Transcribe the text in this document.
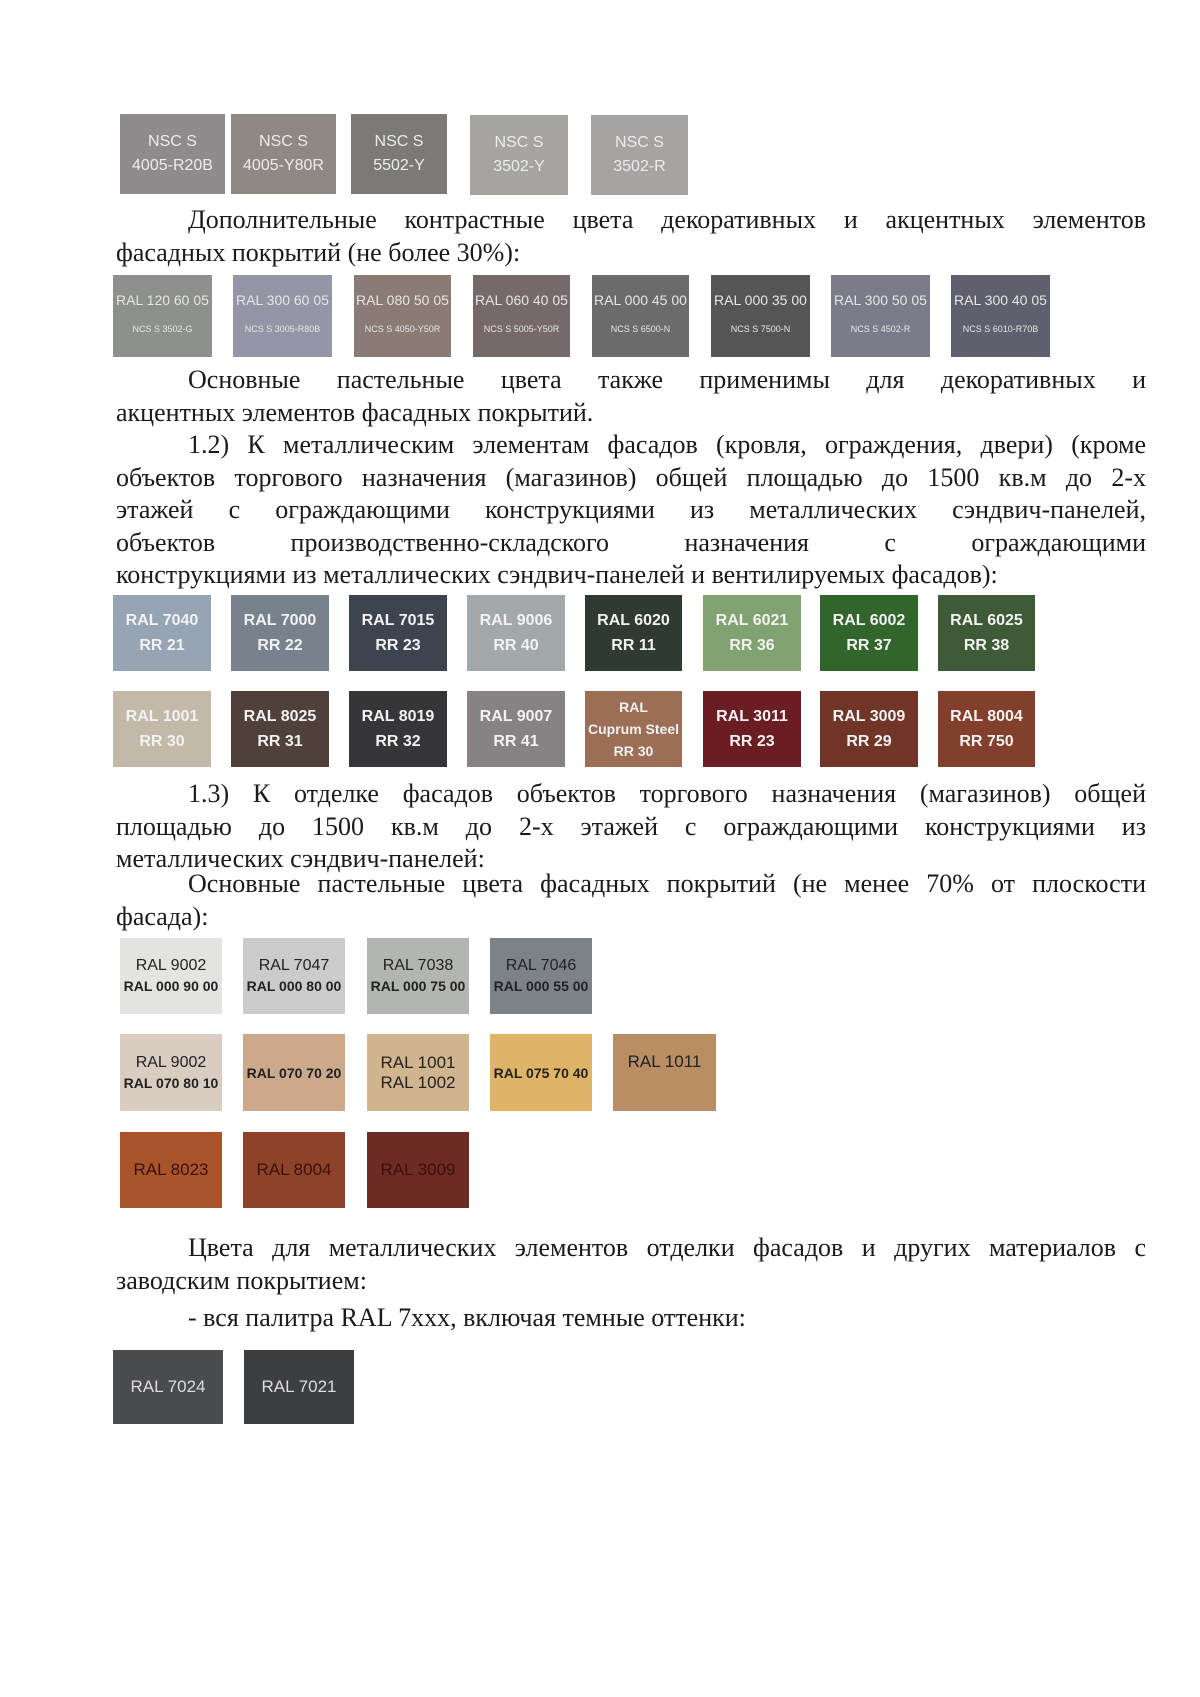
NSC S
4005-R20B
NSC S
4005-Y80R
NSC S
5502-Y
NSC S
3502-Y
NSC S
3502-R

Дополнительные контрастные цвета декоративных и акцентных элементов
фасадных покрытий (не более 30%):

RAL 120 60 05
NCS S 3502-G
RAL 300 60 05
NCS S 3005-R80B
RAL 080 50 05
NCS S 4050-Y50R
RAL 060 40 05
NCS S 5005-Y50R
RAL 000 45 00
NCS S 6500-N
RAL 000 35 00
NCS S 7500-N
RAL 300 50 05
NCS S 4502-R
RAL 300 40 05
NCS S 6010-R70B

Основные пастельные цвета также применимы для декоративных и
акцентных элементов фасадных покрытий.

1.2) К металлическим элементам фасадов (кровля, ограждения, двери) (кроме
объектов торгового назначения (магазинов) общей площадью до 1500 кв.м до 2-х
этажей с ограждающими конструкциями из металлических сэндвич-панелей,
объектов производственно-складского назначения с ограждающими
конструкциями из металлических сэндвич-панелей и вентилируемых фасадов):

RAL 7040
RR 21
RAL 7000
RR 22
RAL 7015
RR 23
RAL 9006
RR 40
RAL 6020
RR 11
RAL 6021
RR 36
RAL 6002
RR 37
RAL 6025
RR 38
RAL 1001
RR 30
RAL 8025
RR 31
RAL 8019
RR 32
RAL 9007
RR 41
RAL
Cuprum Steel
RR 30
RAL 3011
RR 23
RAL 3009
RR 29
RAL 8004
RR 750

1.3) К отделке фасадов объектов торгового назначения (магазинов) общей
площадью до 1500 кв.м до 2-х этажей с ограждающими конструкциями из
металлических сэндвич-панелей:

Основные пастельные цвета фасадных покрытий (не менее 70% от плоскости
фасада):

RAL 9002
RAL 000 90 00
RAL 7047
RAL 000 80 00
RAL 7038
RAL 000 75 00
RAL 7046
RAL 000 55 00
RAL 9002
RAL 070 80 10
RAL 070 70 20
RAL 1001
RAL 1002	RAL 075 70 40
RAL 1011
RAL 8023	RAL 8004	RAL 3009

Цвета для металлических элементов отделки фасадов и других материалов с
заводским покрытием:

- вся палитра RAL 7xxx, включая темные оттенки:

RAL 7024	RAL 7021
